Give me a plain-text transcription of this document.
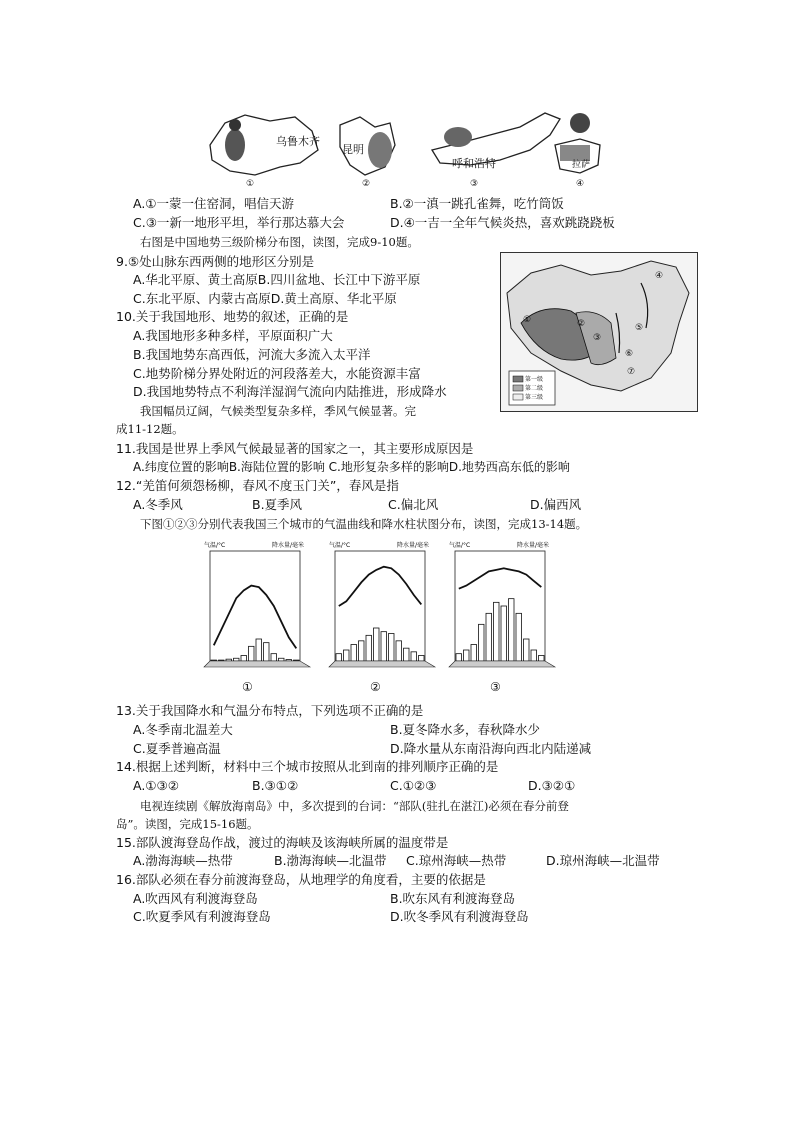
乌鲁木齐
昆明
呼和浩特	拉萨
①	②	③	④
A.①一蒙一住窑洞，唱信天游	B.②一滇一跳孔雀舞，吃竹筒饭
C.③一新一地形平坦，举行那达慕大会	D.④一吉一全年气候炎热，喜欢跳跷跷板
右图是中国地势三级阶梯分布图，读图，完成9-10题。
9.⑤处山脉东西两侧的地形区分别是
A.华北平原、黄土高原B.四川盆地、长江中下游平原
C.东北平原、内蒙古高原D.黄土高原、华北平原
10.关于我国地形、地势的叙述，正确的是
A.我国地形多种多样，平原面积广大
B.我国地势东高西低，河流大多流入太平洋
C.地势阶梯分界处附近的河段落差大，水能资源丰富
D.我国地势特点不利海洋湿润气流向内陆推进，形成降水
我国幅员辽阔，气候类型复杂多样，季风气候显著。完
成11-12题。
①	②
③
④
⑤
⑥
⑦
第一级
第二级
第三级
11.我国是世界上季风气候最显著的国家之一，其主要形成原因是
A.纬度位置的影响B.海陆位置的影响 C.地形复杂多样的影响D.地势西高东低的影响
12.“羌笛何须怨杨柳，春风不度玉门关”，春风是指
A.冬季风	B.夏季风	C.偏北风	D.偏西风
下图①②③分别代表我国三个城市的气温曲线和降水柱状图分布，读图，完成13-14题。
气温/°C	降水量/毫米	气温/°C	降水量/毫米	气温/°C	降水量/毫米
①	②	③
13.关于我国降水和气温分布特点，下列选项不正确的是
A.冬季南北温差大	B.夏冬降水多，春秋降水少
C.夏季普遍高温	D.降水量从东南沿海向西北内陆递减
14.根据上述判断，材料中三个城市按照从北到南的排列顺序正确的是
A.①③②	B.③①②	C.①②③	D.③②①
电视连续剧《解放海南岛》中，多次提到的台词：“部队(驻扎在湛江)必须在春分前登
岛”。读图，完成15-16题。
15.部队渡海登岛作战，渡过的海峡及该海峡所属的温度带是
A.渤海海峡—热带	B.渤海海峡—北温带 C.琼州海峡—热带	D.琼州海峡—北温带
16.部队必须在春分前渡海登岛，从地理学的角度看，主要的依据是
A.吹西风有利渡海登岛	B.吹东风有利渡海登岛
C.吹夏季风有利渡海登岛	D.吹冬季风有利渡海登岛
